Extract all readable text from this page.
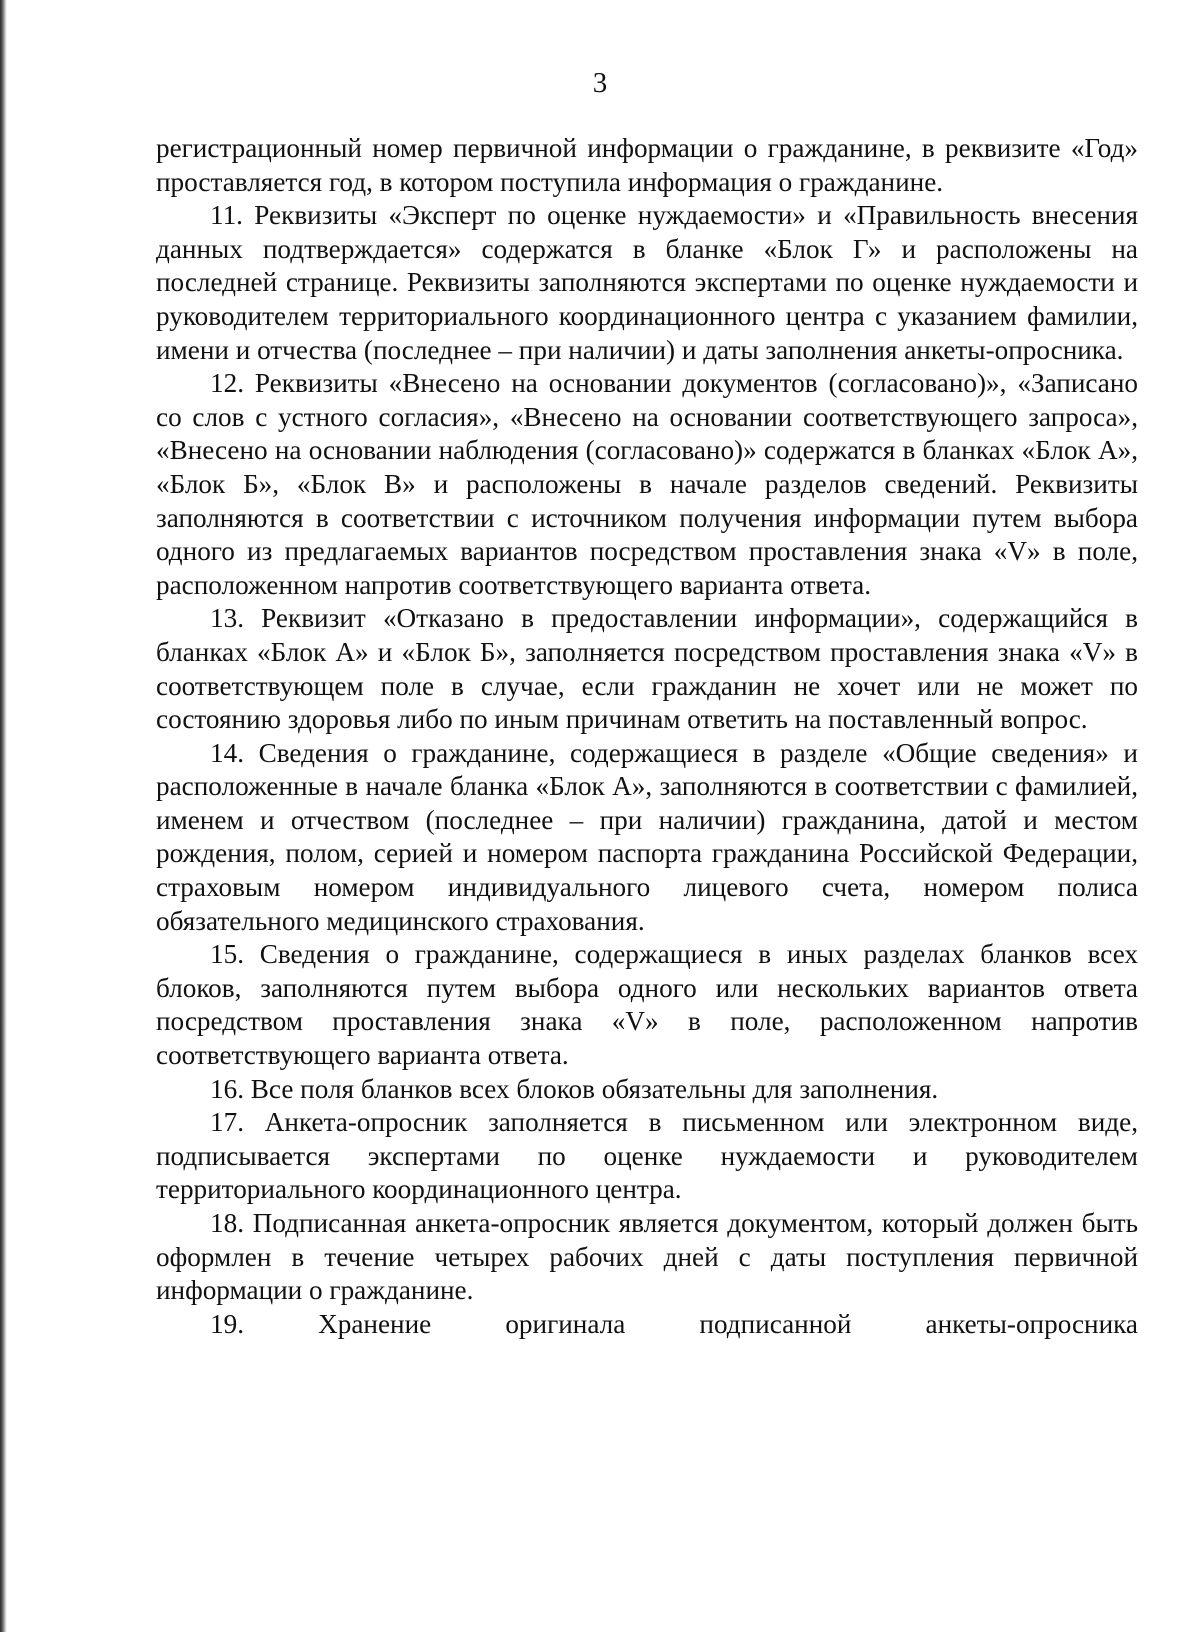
3

регистрационный номер первичной информации о гражданине, в реквизите «Год» проставляется год, в котором поступила информация о гражданине.

11. Реквизиты «Эксперт по оценке нуждаемости» и «Правильность внесения данных подтверждается» содержатся в бланке «Блок Г» и расположены на последней странице. Реквизиты заполняются экспертами по оценке нуждаемости и руководителем территориального координационного центра с указанием фамилии, имени и отчества (последнее – при наличии) и даты заполнения анкеты-опросника.

12. Реквизиты «Внесено на основании документов (согласовано)», «Записано со слов с устного согласия», «Внесено на основании соответствующего запроса», «Внесено на основании наблюдения (согласовано)» содержатся в бланках «Блок А», «Блок Б», «Блок В» и расположены в начале разделов сведений. Реквизиты заполняются в соответствии с источником получения информации путем выбора одного из предлагаемых вариантов посредством проставления знака «V» в поле, расположенном напротив соответствующего варианта ответа.

13. Реквизит «Отказано в предоставлении информации», содержащийся в бланках «Блок А» и «Блок Б», заполняется посредством проставления знака «V» в соответствующем поле в случае, если гражданин не хочет или не может по состоянию здоровья либо по иным причинам ответить на поставленный вопрос.

14. Сведения о гражданине, содержащиеся в разделе «Общие сведения» и расположенные в начале бланка «Блок А», заполняются в соответствии с фамилией, именем и отчеством (последнее – при наличии) гражданина, датой и местом рождения, полом, серией и номером паспорта гражданина Российской Федерации, страховым номером индивидуального лицевого счета, номером полиса обязательного медицинского страхования.

15. Сведения о гражданине, содержащиеся в иных разделах бланков всех блоков, заполняются путем выбора одного или нескольких вариантов ответа посредством проставления знака «V» в поле, расположенном напротив соответствующего варианта ответа.

16. Все поля бланков всех блоков обязательны для заполнения.

17. Анкета-опросник заполняется в письменном или электронном виде, подписывается экспертами по оценке нуждаемости и руководителем территориального координационного центра.

18. Подписанная анкета-опросник является документом, который должен быть оформлен в течение четырех рабочих дней с даты поступления первичной информации о гражданине.

19. Хранение оригинала подписанной анкеты-опросника
